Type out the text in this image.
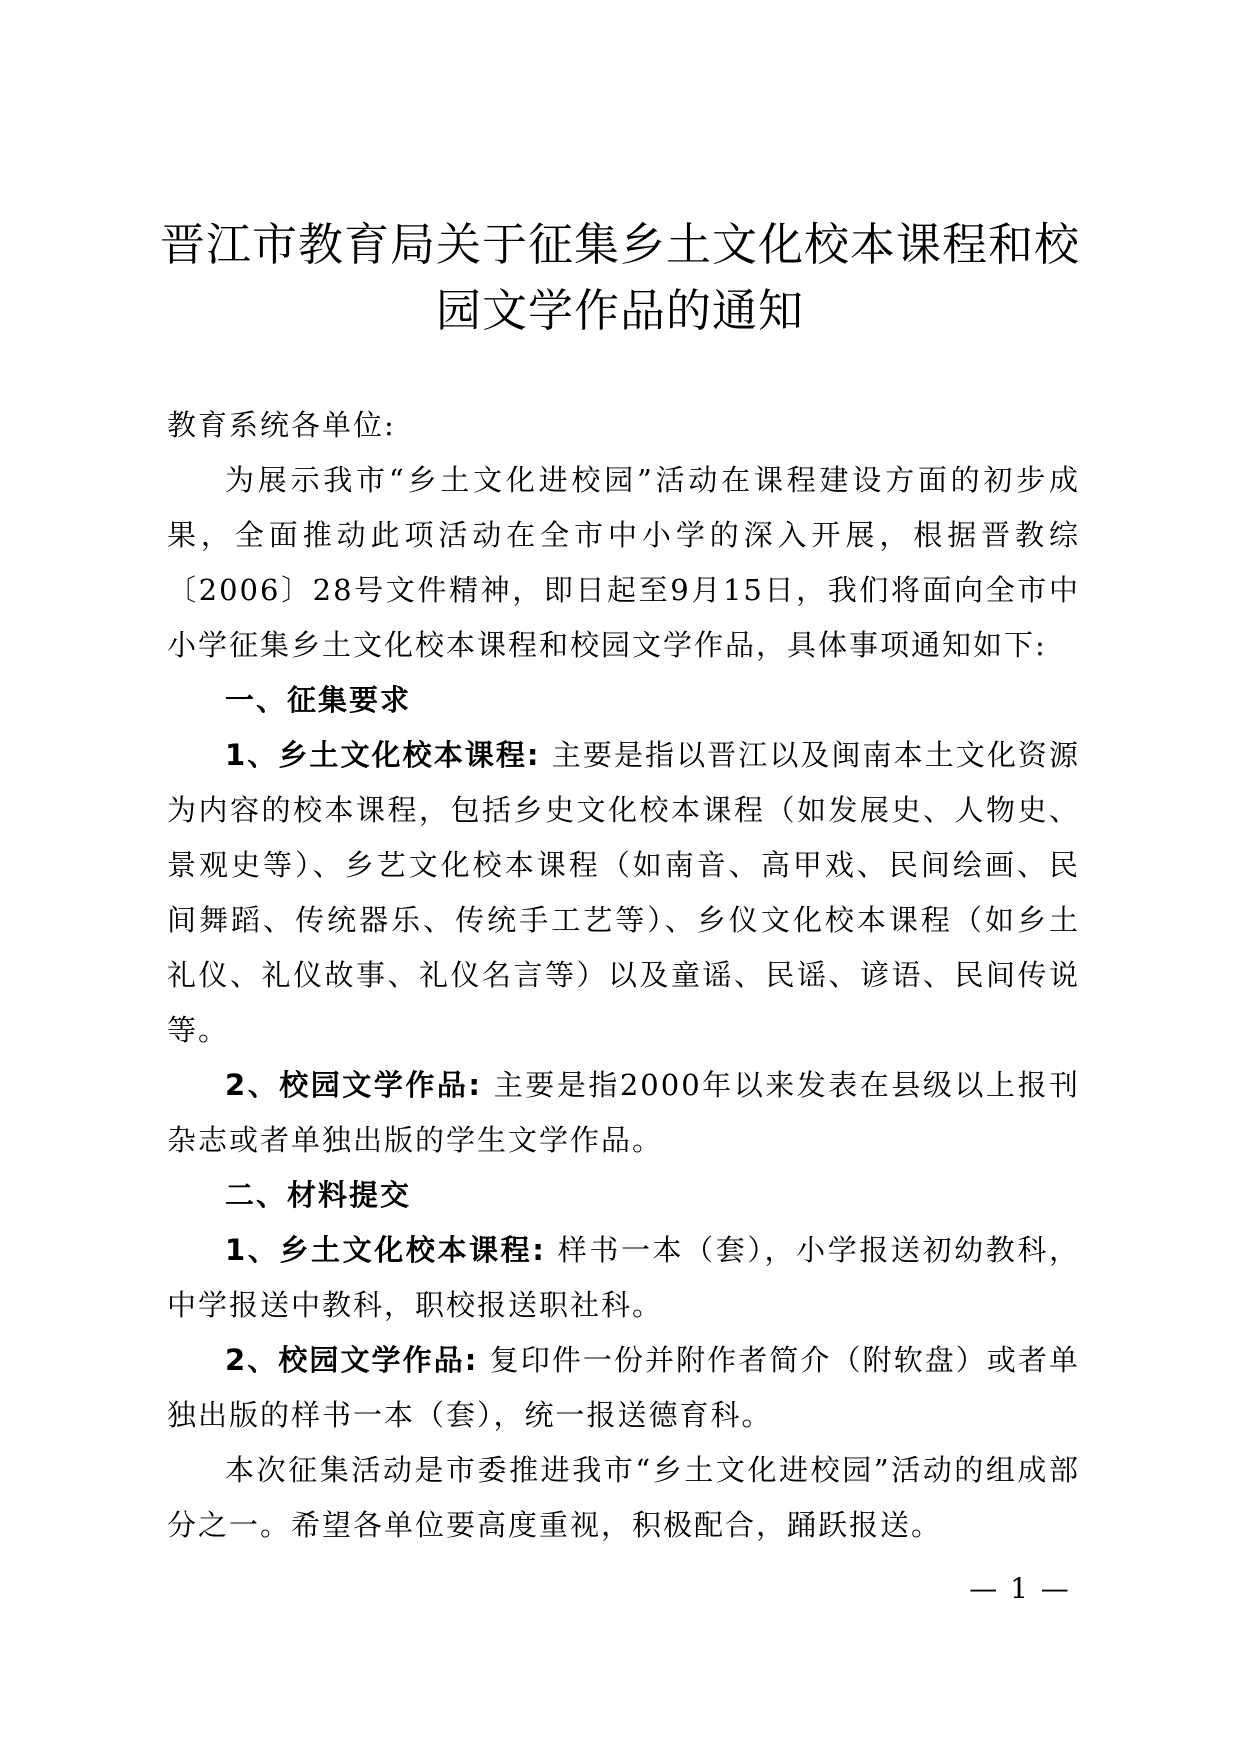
晋江市教育局关于征集乡土文化校本课程和校
园文学作品的通知

教育系统各单位:

为展示我市“乡土文化进校园”活动在课程建设方面的初步成果，全面推动此项活动在全市中小学的深入开展，根据晋教综〔2006〕28号文件精神，即日起至9月15日，我们将面向全市中小学征集乡土文化校本课程和校园文学作品，具体事项通知如下:

一、征集要求

1、乡土文化校本课程: 主要是指以晋江以及闽南本土文化资源为内容的校本课程，包括乡史文化校本课程（如发展史、人物史、景观史等）、乡艺文化校本课程（如南音、高甲戏、民间绘画、民间舞蹈、传统器乐、传统手工艺等）、乡仪文化校本课程（如乡土礼仪、礼仪故事、礼仪名言等）以及童谣、民谣、谚语、民间传说等。

2、校园文学作品: 主要是指2000年以来发表在县级以上报刊杂志或者单独出版的学生文学作品。

二、材料提交

1、乡土文化校本课程: 样书一本（套），小学报送初幼教科，中学报送中教科，职校报送职社科。

2、校园文学作品: 复印件一份并附作者简介（附软盘）或者单独出版的样书一本（套），统一报送德育科。

本次征集活动是市委推进我市“乡土文化进校园”活动的组成部分之一。希望各单位要高度重视，积极配合，踊跃报送。

— 1 —
